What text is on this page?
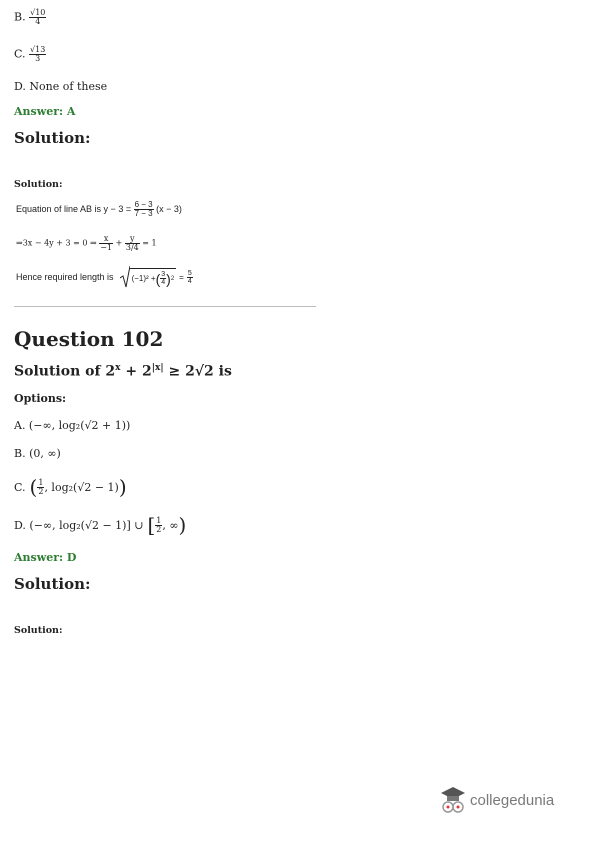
B. $\frac{√10}{4}$
C. $\frac{√13}{3}$
D. None of these
Answer: A
Solution:
Solution:
Equation of line AB is $y - 3 = \frac{6 - 3}{7 - 3} (x - 3)$
⇒3x − 4y + 3 = 0 ⇒ $\frac{x}{-1} + \frac{y}{3/4} = 1$
Hence required length is (−1)² + ( $\frac{3}{4}$ ) $2 = \frac{5}{4}$
Question 102
Solution of $2^x + 2^{|x|} \ge 2√2$ is
Options:
A. (−∞, log₂(√2 + 1))
B. (0, ∞)
C. ( $\frac{1}{2}$ , log₂(√2 − 1) )
D. (−∞, log₂(√2 − 1)] ∪ [ $\frac{1}{2}$ , ∞ )
Answer: D
Solution:
Solution:
collegedunia
